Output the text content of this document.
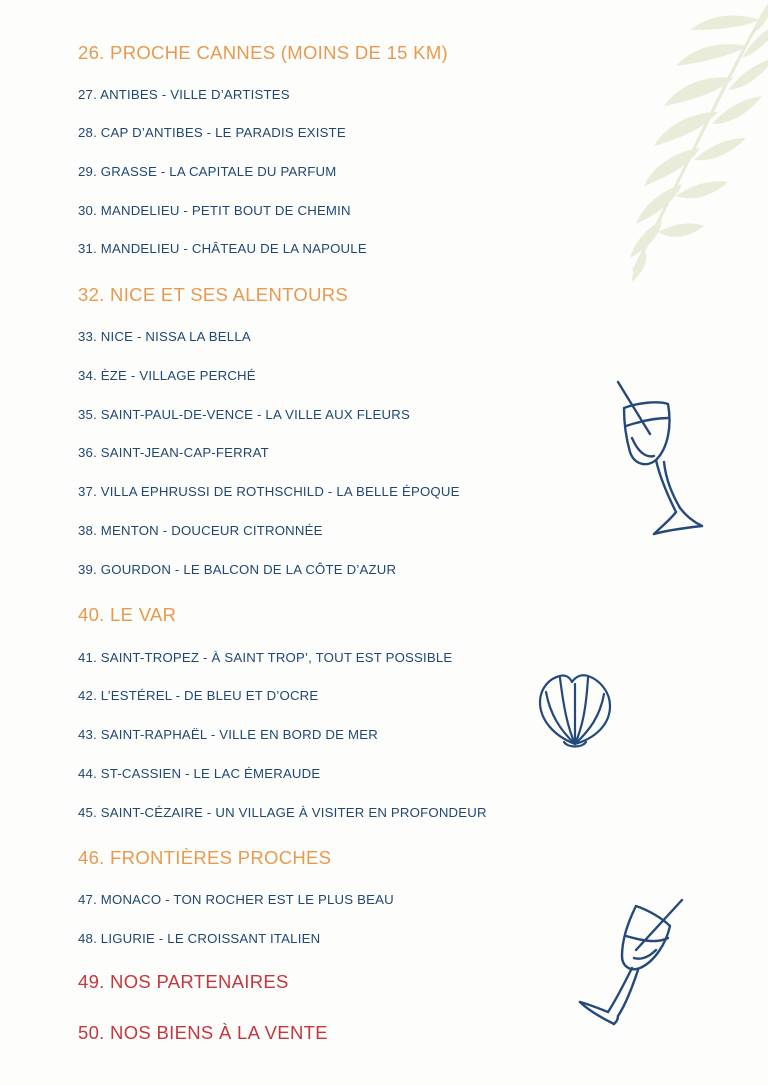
26. PROCHE CANNES (MOINS DE 15 KM)
27. ANTIBES - VILLE D’ARTISTES
28. CAP D’ANTIBES - LE PARADIS EXISTE
29. GRASSE - LA CAPITALE DU PARFUM
30. MANDELIEU - PETIT BOUT DE CHEMIN
31. MANDELIEU - CHÂTEAU DE LA NAPOULE
32. NICE ET SES ALENTOURS
33. NICE - NISSA LA BELLA
34. ÈZE - VILLAGE PERCHÉ
35. SAINT-PAUL-DE-VENCE - LA VILLE AUX FLEURS
36. SAINT-JEAN-CAP-FERRAT
37. VILLA EPHRUSSI DE ROTHSCHILD - LA BELLE ÉPOQUE
38. MENTON - DOUCEUR CITRONNÉE
39. GOURDON - LE BALCON DE LA CÔTE D’AZUR
40. LE VAR
41. SAINT-TROPEZ - À SAINT TROP’, TOUT EST POSSIBLE
42. L’ESTÉREL - DE BLEU ET D’OCRE
43. SAINT-RAPHAËL - VILLE EN BORD DE MER
44. ST-CASSIEN - LE LAC ÉMERAUDE
45. SAINT-CÉZAIRE - UN VILLAGE À VISITER EN PROFONDEUR
46. FRONTIÈRES PROCHES
47. MONACO - TON ROCHER EST LE PLUS BEAU
48. LIGURIE - LE CROISSANT ITALIEN
49. NOS PARTENAIRES
50. NOS BIENS À LA VENTE
